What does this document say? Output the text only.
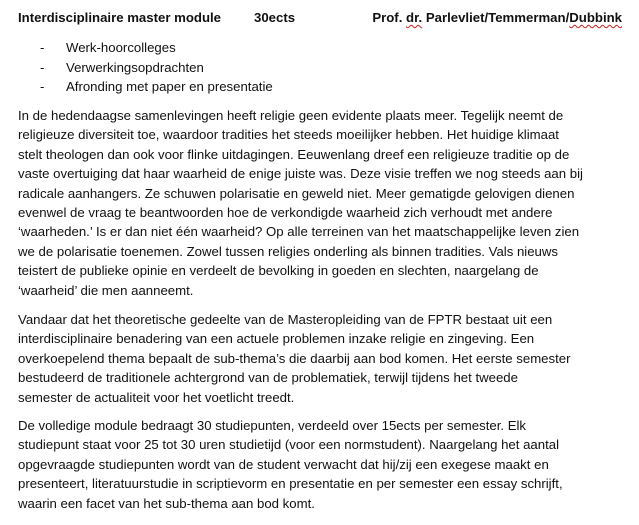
Interdisciplinaire master module 30ects	Prof. dr. Parlevliet/Temmerman/Dubbink
- Werk-hoorcolleges
- Verwerkingsopdrachten
- Afronding met paper en presentatie
In de hedendaagse samenlevingen heeft religie geen evidente plaats meer. Tegelijk neemt de
religieuze diversiteit toe, waardoor tradities het steeds moeilijker hebben. Het huidige klimaat
stelt theologen dan ook voor flinke uitdagingen. Eeuwenlang dreef een religieuze traditie op de
vaste overtuiging dat haar waarheid de enige juiste was. Deze visie treffen we nog steeds aan bij
radicale aanhangers. Ze schuwen polarisatie en geweld niet. Meer gematigde gelovigen dienen
evenwel de vraag te beantwoorden hoe de verkondigde waarheid zich verhoudt met andere
‘waarheden.’ Is er dan niet één waarheid? Op alle terreinen van het maatschappelijke leven zien
we de polarisatie toenemen. Zowel tussen religies onderling als binnen tradities. Vals nieuws
teistert de publieke opinie en verdeelt de bevolking in goeden en slechten, naargelang de
‘waarheid’ die men aanneemt.
Vandaar dat het theoretische gedeelte van de Masteropleiding van de FPTR bestaat uit een
interdisciplinaire benadering van een actuele problemen inzake religie en zingeving. Een
overkoepelend thema bepaalt de sub-thema’s die daarbij aan bod komen. Het eerste semester
bestudeerd de traditionele achtergrond van de problematiek, terwijl tijdens het tweede
semester de actualiteit voor het voetlicht treedt.
De volledige module bedraagt 30 studiepunten, verdeeld over 15ects per semester. Elk
studiepunt staat voor 25 tot 30 uren studietijd (voor een normstudent). Naargelang het aantal
opgevraagde studiepunten wordt van de student verwacht dat hij/zij een exegese maakt en
presenteert, literatuurstudie in scriptievorm en presentatie en per semester een essay schrijft,
waarin een facet van het sub-thema aan bod komt.
